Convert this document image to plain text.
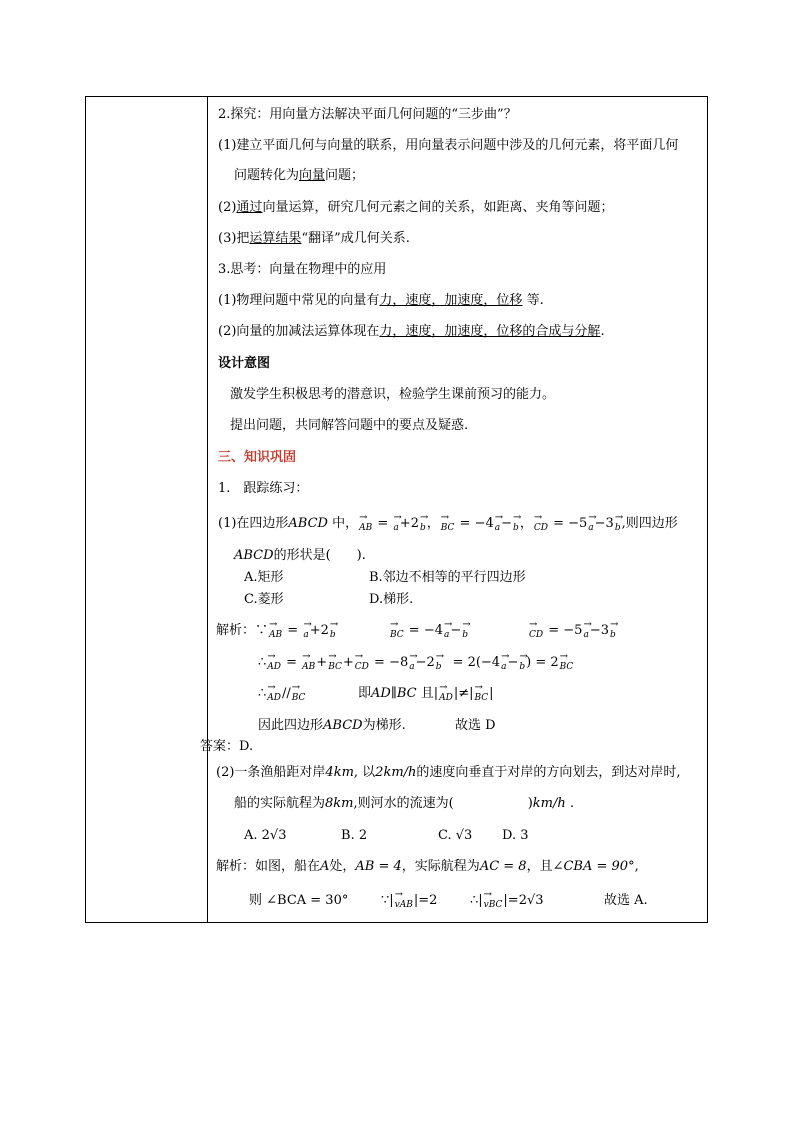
2.探究：用向量方法解决平面几何问题的“三步曲”？
(1)建立平面几何与向量的联系，用向量表示问题中涉及的几何元素，将平面几何
问题转化为向量问题；
(2)通过向量运算，研究几何元素之间的关系，如距离、夹角等问题；
(3)把运算结果“翻译”成几何关系.
3.思考：向量在物理中的应用
(1)物理问题中常见的向量有力，速度，加速度，位移 等.
(2)向量的加减法运算体现在力，速度，加速度，位移的合成与分解.
设计意图
激发学生积极思考的潜意识，检验学生课前预习的能力。
提出问题，共同解答问题中的要点及疑惑.
三、知识巩固
1.　跟踪练习：
(1)在四边形ABCD 中，→ AB = → a+2→ b，→ BC = −4→ a−→ b，→ CD = −5→ a−3→ b,则四边形
ABCD的形状是(　　).
A.矩形	B.邻边不相等的平行四边形
C.菱形	D.梯形.
解析：∵→ AB = → a+2→ b	→ BC = −4→ a−→ b	→ CD = −5→ a−3→ b
∴→ AD = → AB+→ BC+→ CD = −8→ a−2→ b = 2(−4→ a−→ b) = 2→ BC
∴→ AD∕∕→ BC	即AD∥BC 且|→ AD|≠|→ BC|
因此四边形ABCD为梯形.	故选 D
答案：D.
(2)一条渔船距对岸4km, 以2km/h的速度向垂直于对岸的方向划去，到达对岸时,
船的实际航程为8km,则河水的流速为(	)km/h .
A. 2√3	B. 2	C. √3 D. 3
解析：如图，船在A处，AB = 4，实际航程为AC = 8，且∠CBA = 90°,
则 ∠BCA = 30°	∵|→ vAB|=2	∴|→ vBC|=2√3	故选 A.
